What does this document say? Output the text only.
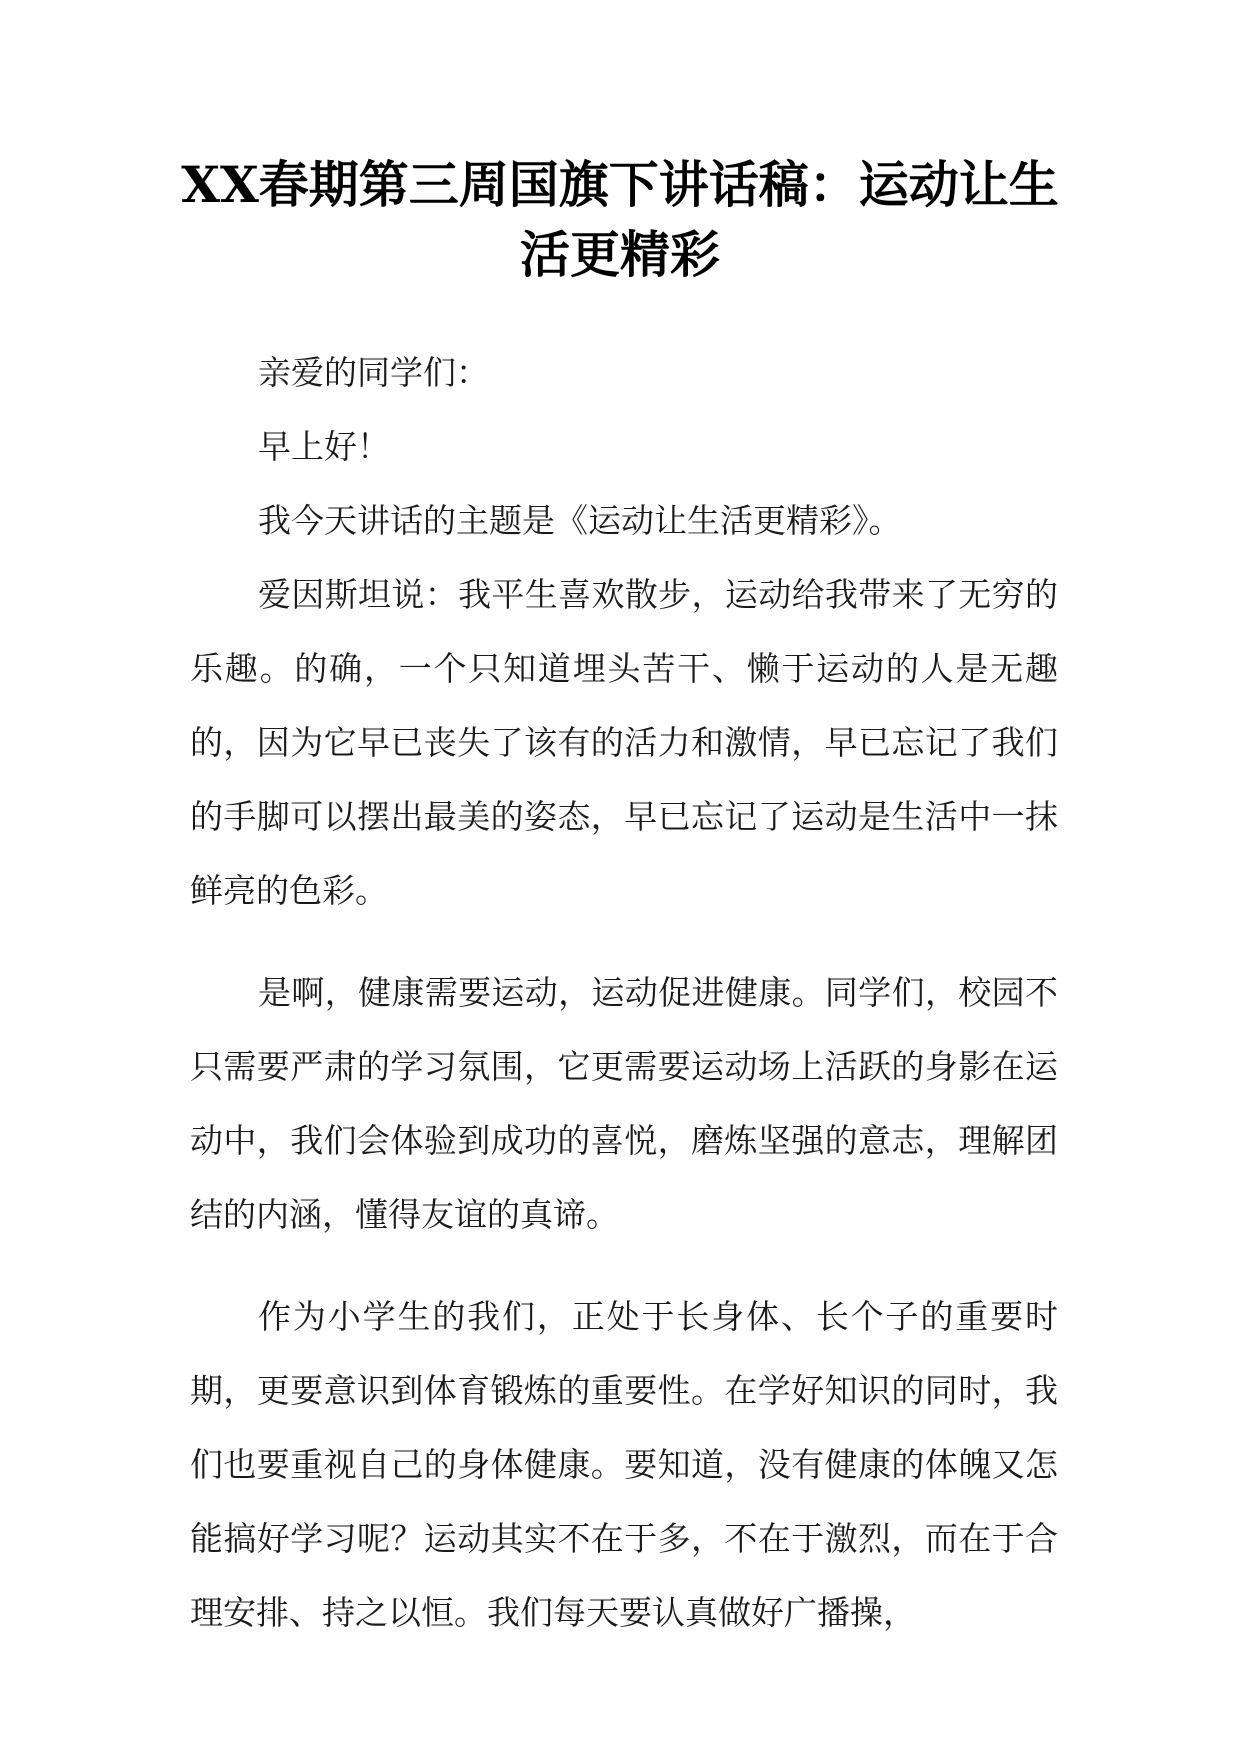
XX春期第三周国旗下讲话稿：运动让生活更精彩

亲爱的同学们：

早上好！

我今天讲话的主题是《运动让生活更精彩》。

爱因斯坦说：我平生喜欢散步，运动给我带来了无穷的乐趣。的确，一个只知道埋头苦干、懒于运动的人是无趣的，因为它早已丧失了该有的活力和激情，早已忘记了我们的手脚可以摆出最美的姿态，早已忘记了运动是生活中一抹鲜亮的色彩。

是啊，健康需要运动，运动促进健康。同学们，校园不只需要严肃的学习氛围，它更需要运动场上活跃的身影在运动中，我们会体验到成功的喜悦，磨炼坚强的意志，理解团结的内涵，懂得友谊的真谛。

作为小学生的我们，正处于长身体、长个子的重要时期，更要意识到体育锻炼的重要性。在学好知识的同时，我们也要重视自己的身体健康。要知道，没有健康的体魄又怎能搞好学习呢？运动其实不在于多，不在于激烈，而在于合理安排、持之以恒。我们每天要认真做好广播操，
